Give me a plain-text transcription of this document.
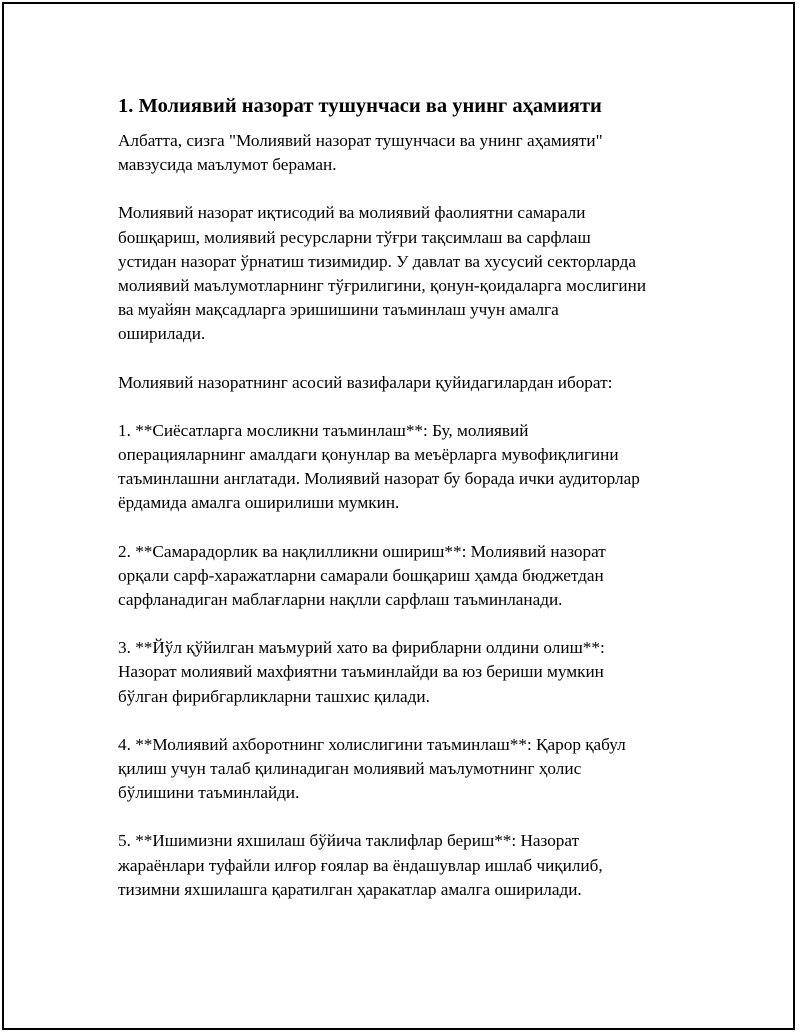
1. Молиявий назорат тушунчаси ва унинг аҳамияти
Албатта, сизга "Молиявий назорат тушунчаси ва унинг аҳамияти"
мавзусида маълумот бераман.
Молиявий назорат иқтисодий ва молиявий фаолиятни самарали
бошқариш, молиявий ресурсларни тўғри тақсимлаш ва сарфлаш
устидан назорат ўрнатиш тизимидир. У давлат ва хусусий секторларда
молиявий маълумотларнинг тўғрилигини, қонун-қоидаларга мослигини
ва муайян мақсадларга эришишини таъминлаш учун амалга
оширилади.
Молиявий назоратнинг асосий вазифалари қуйидагилардан иборат:
1. **Сиёсатларга мосликни таъминлаш**: Бу, молиявий
операцияларнинг амалдаги қонунлар ва меъёрларга мувофиқлигини
таъминлашни англатади. Молиявий назорат бу борада ички аудиторлар
ёрдамида амалга оширилиши мумкин.
2. **Самарадорлик ва нақлилликни ошириш**: Молиявий назорат
орқали сарф-харажатларни самарали бошқариш ҳамда бюджетдан
сарфланадиган маблағларни нақлли сарфлаш таъминланади.
3. **Йўл қўйилган маъмурий хато ва фирибларни олдини олиш**:
Назорат молиявий махфиятни таъминлайди ва юз бериши мумкин
бўлган фирибгарликларни ташхис қилади.
4. **Молиявий ахборотнинг холислигини таъминлаш**: Қарор қабул
қилиш учун талаб қилинадиган молиявий маълумотнинг ҳолис
бўлишини таъминлайди.
5. **Ишимизни яхшилаш бўйича таклифлар бериш**: Назорат
жараёнлари туфайли илғор ғоялар ва ёндашувлар ишлаб чиқилиб,
тизимни яхшилашга қаратилган ҳаракатлар амалга оширилади.
